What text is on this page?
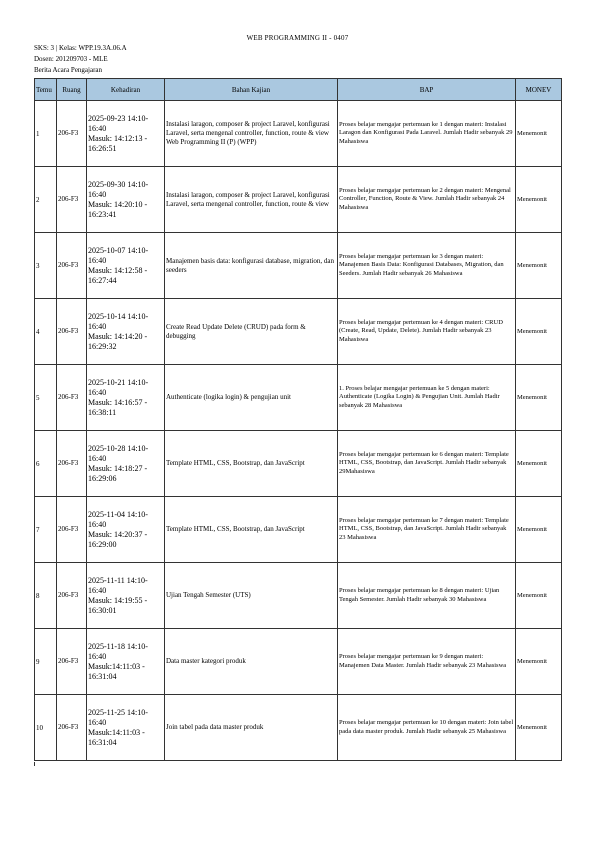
WEB PROGRAMMING II - 0407
SKS: 3 | Kelas: WPP.19.3A.06.A
Dosen: 201209703 - MLE
Berita Acara Pengajaran
Temu	Ruang	Kehadiran	Bahan Kajian	BAP	MONEV
1	206-F3	2025-09-23 14:10-16:40
Masuk: 14:12:13 -
16:26:51	Instalasi laragon, composer & project Laravel, konfigurasi Laravel, serta mengenal controller, function, route & view Web Programming II (P) (WPP)	Proses belajar mengajar pertemuan ke 1 dengan materi: Instalasi Laragon dan Konfigurasi Pada Laravel. Jumlah Hadir sebanyak 29 Mahasiswa	Menemonit
2	206-F3	2025-09-30 14:10-16:40
Masuk: 14:20:10 -
16:23:41	Instalasi laragon, composer & project Laravel, konfigurasi Laravel, serta mengenal controller, function, route & view	Proses belajar mengajar pertemuan ke 2 dengan materi: Mengenal Controller, Function, Route & View. Jumlah Hadir sebanyak 24 Mahasiswa	Menemonit
3	206-F3	2025-10-07 14:10-16:40
Masuk: 14:12:58 -
16:27:44	Manajemen basis data: konfigurasi database, migration, dan seeders	Proses belajar mengajar pertemuan ke 3 dengan materi: Manajemen Basis Data: Konfigurasi Databases, Migration, dan Seeders. Jumlah Hadir sebanyak 26 Mahasiswa	Menemonit
4	206-F3	2025-10-14 14:10-16:40
Masuk: 14:14:20 -
16:29:32	Create Read Update Delete (CRUD) pada form & debugging	Proses belajar mengajar pertemuan ke 4 dengan materi: CRUD (Create, Read, Update, Delete). Jumlah Hadir sebanyak 23 Mahasiswa	Menemonit
5	206-F3	2025-10-21 14:10-16:40
Masuk: 14:16:57 -
16:38:11	Authenticate (logika login) & pengujian unit	1. Proses belajar mengajar pertemuan ke 5 dengan materi: Authenticate (Logika Login) & Pengujian Unit. Jumlah Hadir sebanyak 28 Mahasiswa	Menemonit
6	206-F3	2025-10-28 14:10-16:40
Masuk: 14:18:27 -
16:29:06	Template HTML, CSS, Bootstrap, dan JavaScript	Proses belajar mengajar pertemuan ke 6 dengan materi: Template HTML, CSS, Bootstrap, dan JavaScript. Jumlah Hadir sebanyak 29Mahasiswa	Menemonit
7	206-F3	2025-11-04 14:10-16:40
Masuk: 14:20:37 -
16:29:00	Template HTML, CSS, Bootstrap, dan JavaScript	Proses belajar mengajar pertemuan ke 7 dengan materi: Template HTML, CSS, Bootstrap, dan JavaScript. Jumlah Hadir sebanyak 23 Mahasiswa	Menemonit
8	206-F3	2025-11-11 14:10-16:40
Masuk: 14:19:55 -
16:30:01	Ujian Tengah Semester (UTS)	Proses belajar mengajar pertemuan ke 8 dengan materi: Ujian Tengah Semester. Jumlah Hadir sebanyak 30 Mahasiswa	Menemonit
9	206-F3	2025-11-18 14:10-16:40
Masuk:14:11:03 -
16:31:04	Data master kategori produk	Proses belajar mengajar pertemuan ke 9 dengan materi: Manajemen Data Master. Jumlah Hadir sebanyak 23 Mahasiswa	Menemonit
10	206-F3	2025-11-25 14:10-16:40
Masuk:14:11:03 -
16:31:04	Join tabel pada data master produk	Proses belajar mengajar pertemuan ke 10 dengan materi: Join tabel pada data master produk. Jumlah Hadir sebanyak 25 Mahasiswa	Menemonit
